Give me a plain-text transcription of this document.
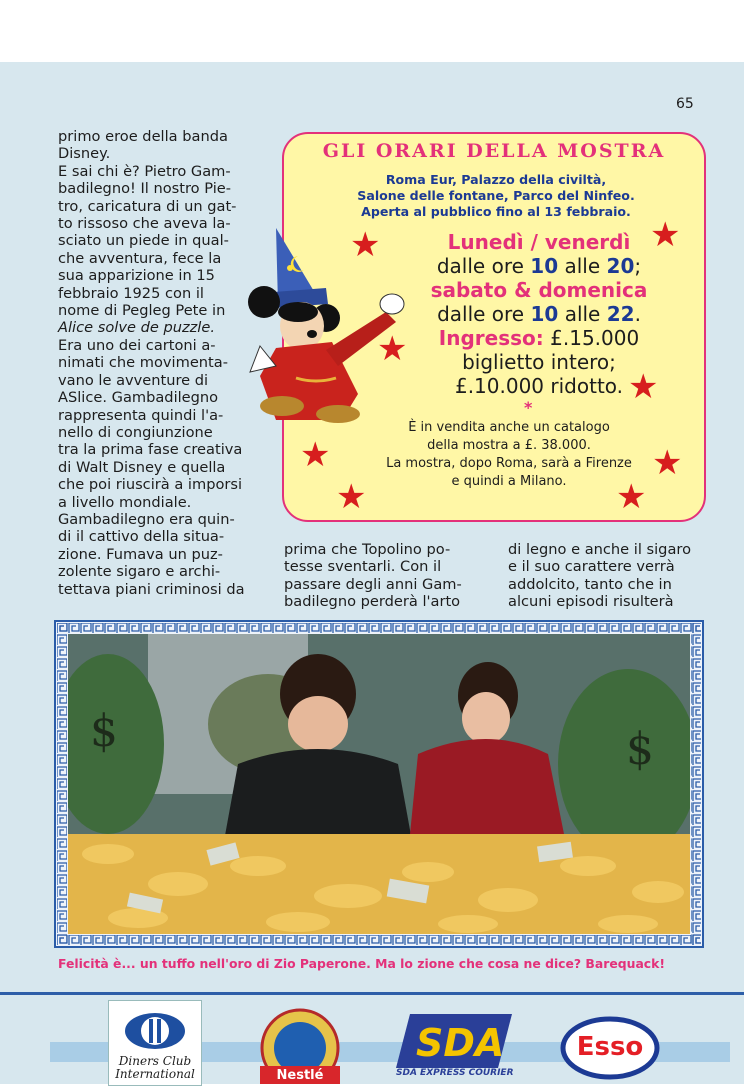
65

primo eroe della banda

Disney.

E sai chi è? Pietro Gam-

badilegno! Il nostro Pie-

tro, caricatura di un gat-

to rissoso che aveva la-

sciato un piede in qual-

che avventura, fece la

sua apparizione in 15

febbraio 1925 con il

nome di Pegleg Pete in

Alice solve de puzzle.

Era uno dei cartoni a-

nimati che movimenta-

vano le avventure di

ASlice. Gambadilegno

rappresenta quindi l'a-

nello di congiunzione

tra la prima fase creativa

di Walt Disney e quella

che poi riuscirà a imporsi

a livello mondiale.

Gambadilegno era quin-

di il cattivo della situa-

zione. Fumava un puz-

zolente sigaro e archi-

tettava piani criminosi da

GLI ORARI DELLA MOSTRA
Roma Eur, Palazzo della civiltà,
Salone delle fontane, Parco del Ninfeo.
Aperta al pubblico fino al 13 febbraio.
Lunedì / venerdì
dalle ore 10 alle 20;
sabato & domenica
dalle ore 10 alle 22.
Ingresso: £.15.000
biglietto intero;
£.10.000 ridotto.
*
È in vendita anche un catalogo
della mostra a £. 38.000.
La mostra, dopo Roma, sarà a Firenze
e quindi a Milano.
★	★
★
★
★	★
★	★

prima che Topolino po-

tesse sventarli. Con il

passare degli anni Gam-

badilegno perderà l'arto

di legno e anche il sigaro

e il suo carattere verrà

addolcito, tanto che in

alcuni episodi risulterà

$	$
Felicità è... un tuffo nell'oro di Zio Paperone. Ma lo zione che cosa ne dice? Barequack!
Diners Club
International	Nestlé
SDA
SDA EXPRESS COURIER
Esso
